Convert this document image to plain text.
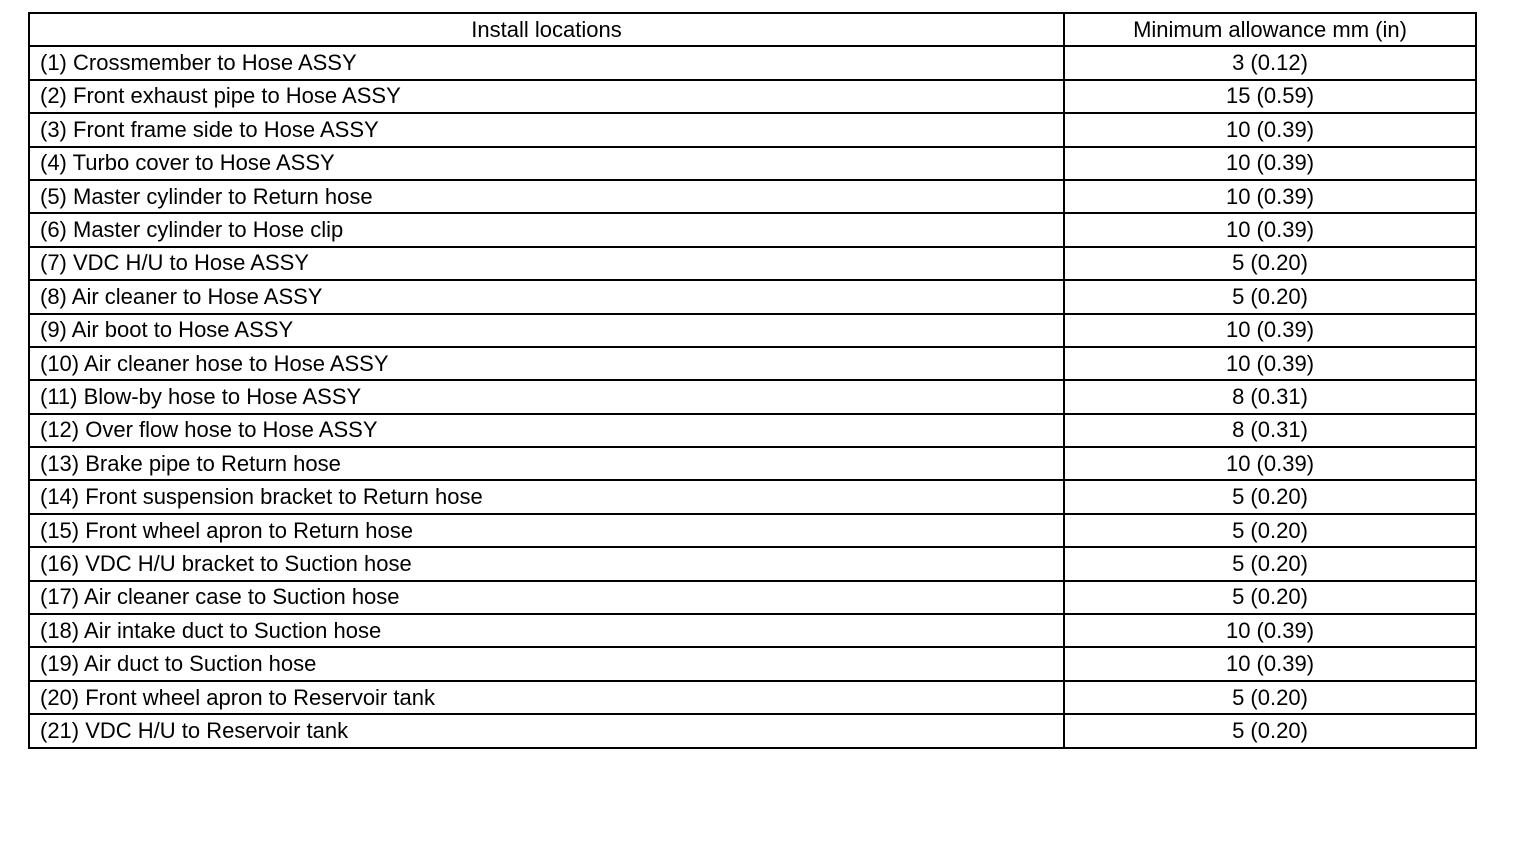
Install locations	Minimum allowance mm (in)
(1) Crossmember to Hose ASSY	3 (0.12)
(2) Front exhaust pipe to Hose ASSY	15 (0.59)
(3) Front frame side to Hose ASSY	10 (0.39)
(4) Turbo cover to Hose ASSY	10 (0.39)
(5) Master cylinder to Return hose	10 (0.39)
(6) Master cylinder to Hose clip	10 (0.39)
(7) VDC H/U to Hose ASSY	5 (0.20)
(8) Air cleaner to Hose ASSY	5 (0.20)
(9) Air boot to Hose ASSY	10 (0.39)
(10) Air cleaner hose to Hose ASSY	10 (0.39)
(11) Blow-by hose to Hose ASSY	8 (0.31)
(12) Over flow hose to Hose ASSY	8 (0.31)
(13) Brake pipe to Return hose	10 (0.39)
(14) Front suspension bracket to Return hose	5 (0.20)
(15) Front wheel apron to Return hose	5 (0.20)
(16) VDC H/U bracket to Suction hose	5 (0.20)
(17) Air cleaner case to Suction hose	5 (0.20)
(18) Air intake duct to Suction hose	10 (0.39)
(19) Air duct to Suction hose	10 (0.39)
(20) Front wheel apron to Reservoir tank	5 (0.20)
(21) VDC H/U to Reservoir tank	5 (0.20)
